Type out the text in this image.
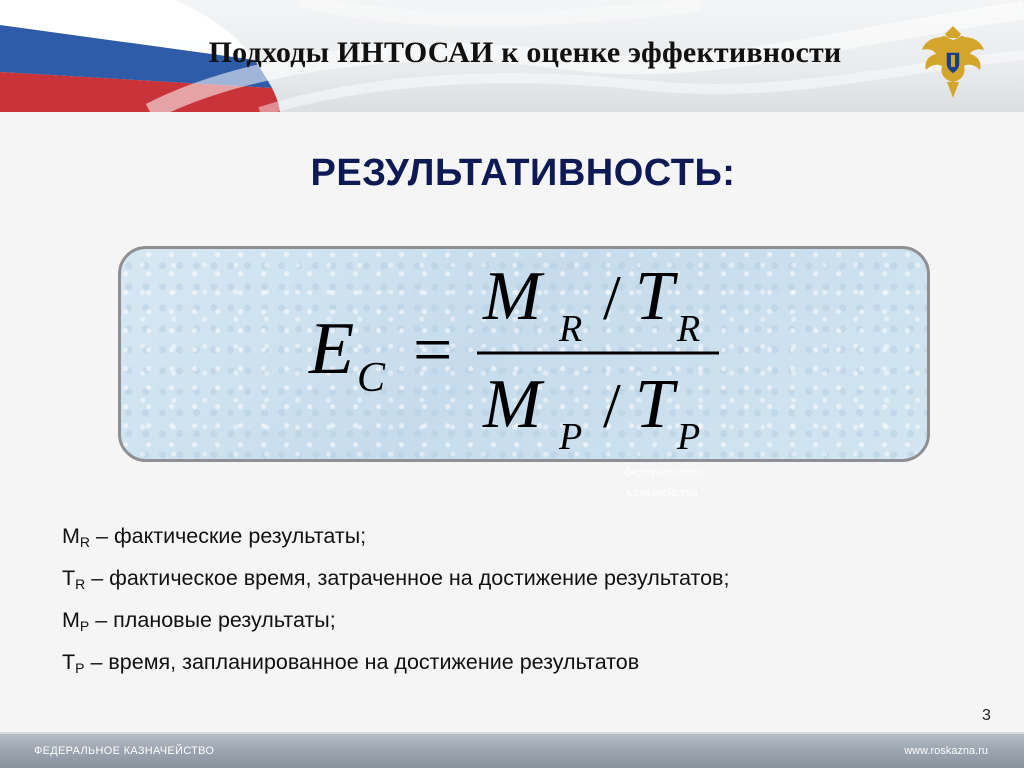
Подходы ИНТОСАИ к оценке эффективности
РЕЗУЛЬТАТИВНОСТЬ:
E C =
M R / T R
M P / T P
Федерального
казначейства
$M_R$ – фактические результаты;
$T_R$ – фактическое время, затраченное на достижение результатов;
$M_P$ – плановые результаты;
$T_P$ – время, запланированное на достижение результатов
3
ФЕДЕРАЛЬНОЕ КАЗНАЧЕЙСТВО	www.roskazna.ru
